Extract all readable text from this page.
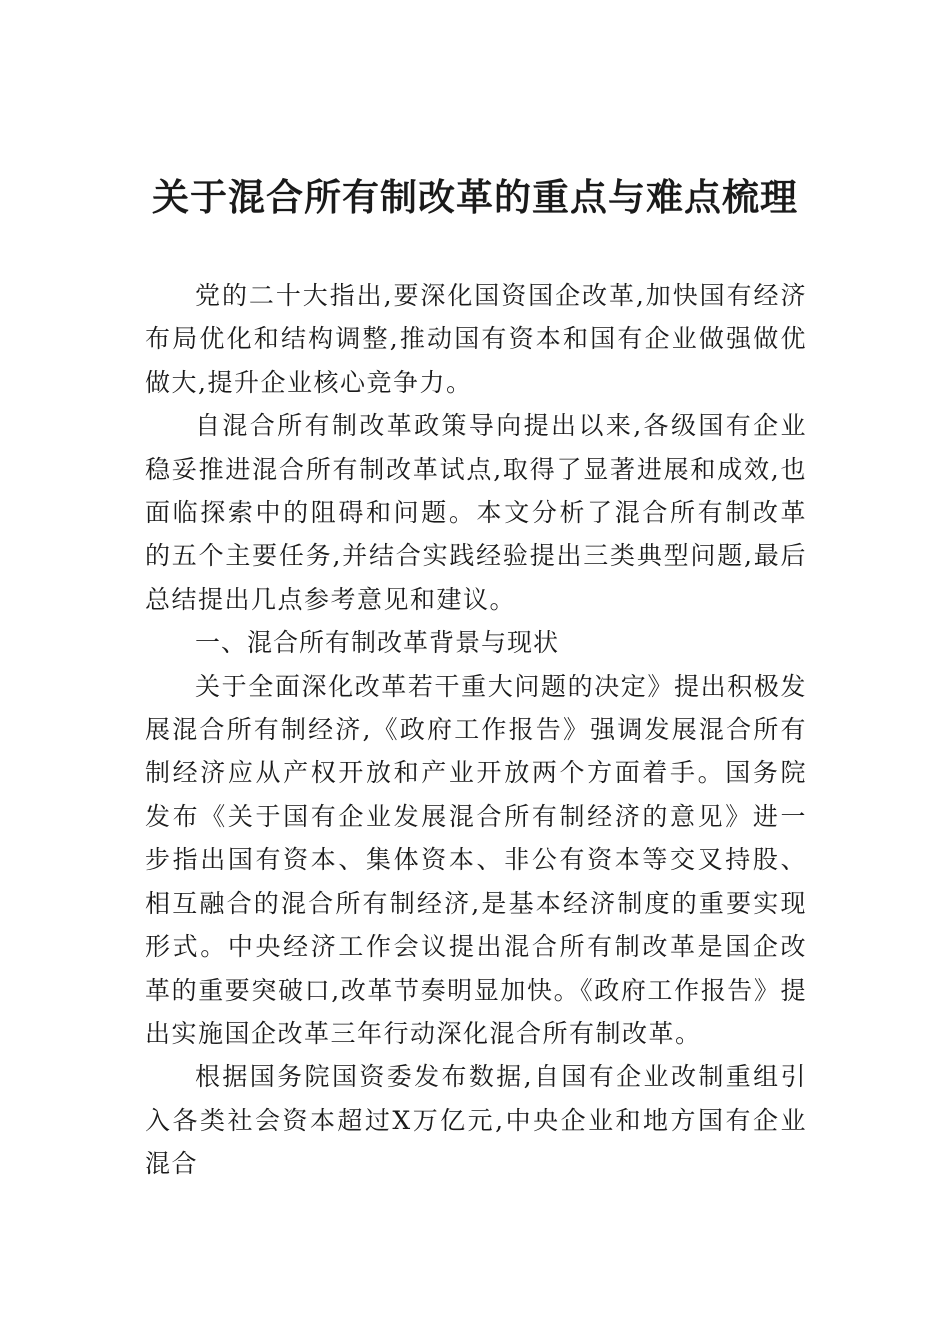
关于混合所有制改革的重点与难点梳理

党的二十大指出,要深化国资国企改革,加快国有经济布局优化和结构调整,推动国有资本和国有企业做强做优做大,提升企业核心竞争力。

自混合所有制改革政策导向提出以来,各级国有企业稳妥推进混合所有制改革试点,取得了显著进展和成效,也面临探索中的阻碍和问题。本文分析了混合所有制改革的五个主要任务,并结合实践经验提出三类典型问题,最后总结提出几点参考意见和建议。

一、混合所有制改革背景与现状

关于全面深化改革若干重大问题的决定》提出积极发展混合所有制经济,《政府工作报告》强调发展混合所有制经济应从产权开放和产业开放两个方面着手。国务院发布《关于国有企业发展混合所有制经济的意见》进一步指出国有资本、集体资本、非公有资本等交叉持股、相互融合的混合所有制经济,是基本经济制度的重要实现形式。中央经济工作会议提出混合所有制改革是国企改革的重要突破口,改革节奏明显加快。《政府工作报告》提出实施国企改革三年行动深化混合所有制改革。

根据国务院国资委发布数据,自国有企业改制重组引入各类社会资本超过X万亿元,中央企业和地方国有企业混合
